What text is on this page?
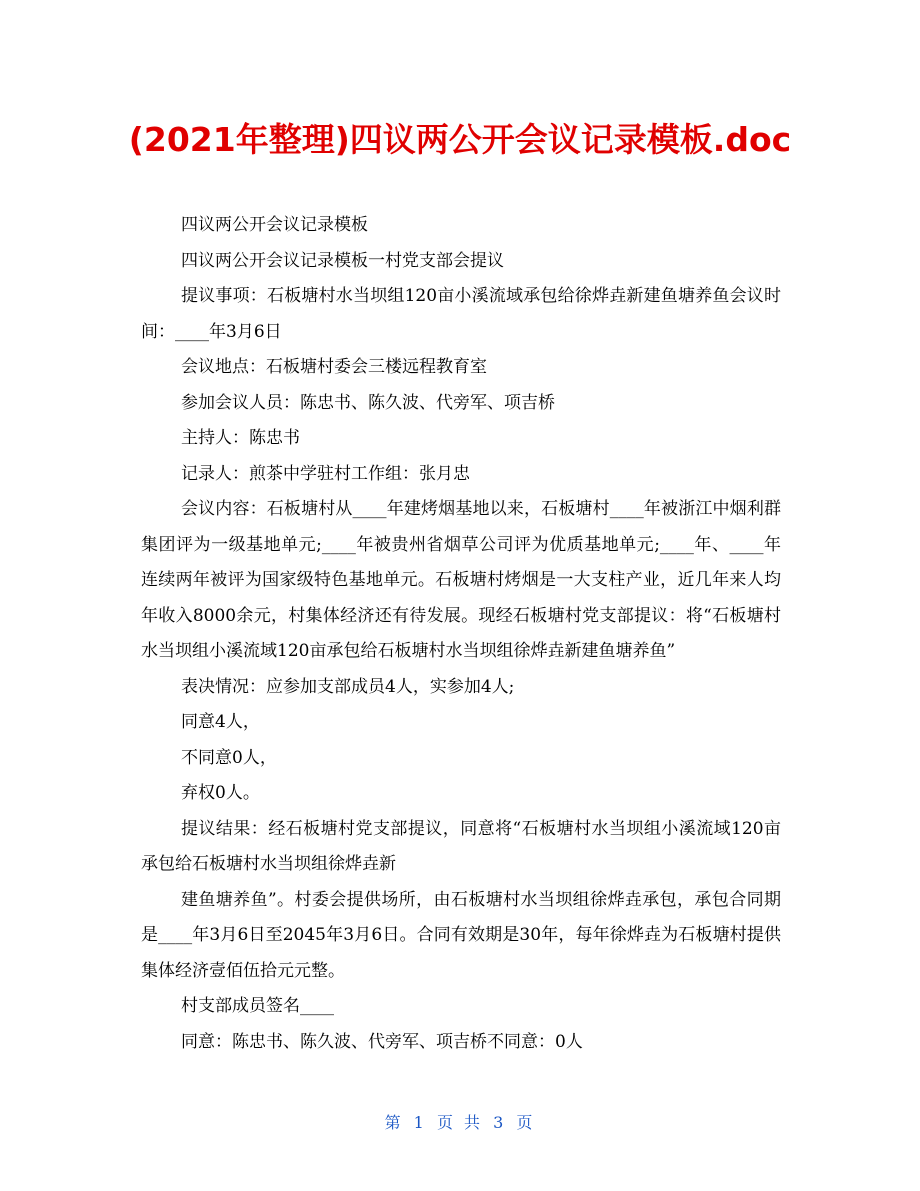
(2021年整理)四议两公开会议记录模板.doc

四议两公开会议记录模板

四议两公开会议记录模板一村党支部会提议

提议事项：石板塘村水当坝组120亩小溪流域承包给徐烨垚新建鱼塘养鱼会议时间：____年3月6日

会议地点：石板塘村委会三楼远程教育室

参加会议人员：陈忠书、陈久波、代旁军、项吉桥

主持人：陈忠书

记录人：煎茶中学驻村工作组：张月忠

会议内容：石板塘村从____年建烤烟基地以来，石板塘村____年被浙江中烟利群集团评为一级基地单元;____年被贵州省烟草公司评为优质基地单元;____年、____年连续两年被评为国家级特色基地单元。石板塘村烤烟是一大支柱产业，近几年来人均年收入8000余元，村集体经济还有待发展。现经石板塘村党支部提议：将“石板塘村水当坝组小溪流域120亩承包给石板塘村水当坝组徐烨垚新建鱼塘养鱼”

表决情况：应参加支部成员4人，实参加4人;

同意4人，

不同意0人，

弃权0人。

提议结果：经石板塘村党支部提议，同意将“石板塘村水当坝组小溪流域120亩承包给石板塘村水当坝组徐烨垚新

建鱼塘养鱼”。村委会提供场所，由石板塘村水当坝组徐烨垚承包，承包合同期是____年3月6日至2045年3月6日。合同有效期是30年，每年徐烨垚为石板塘村提供集体经济壹佰伍拾元元整。

村支部成员签名____

同意：陈忠书、陈久波、代旁军、项吉桥不同意：0人

第 1 页 共 3 页
